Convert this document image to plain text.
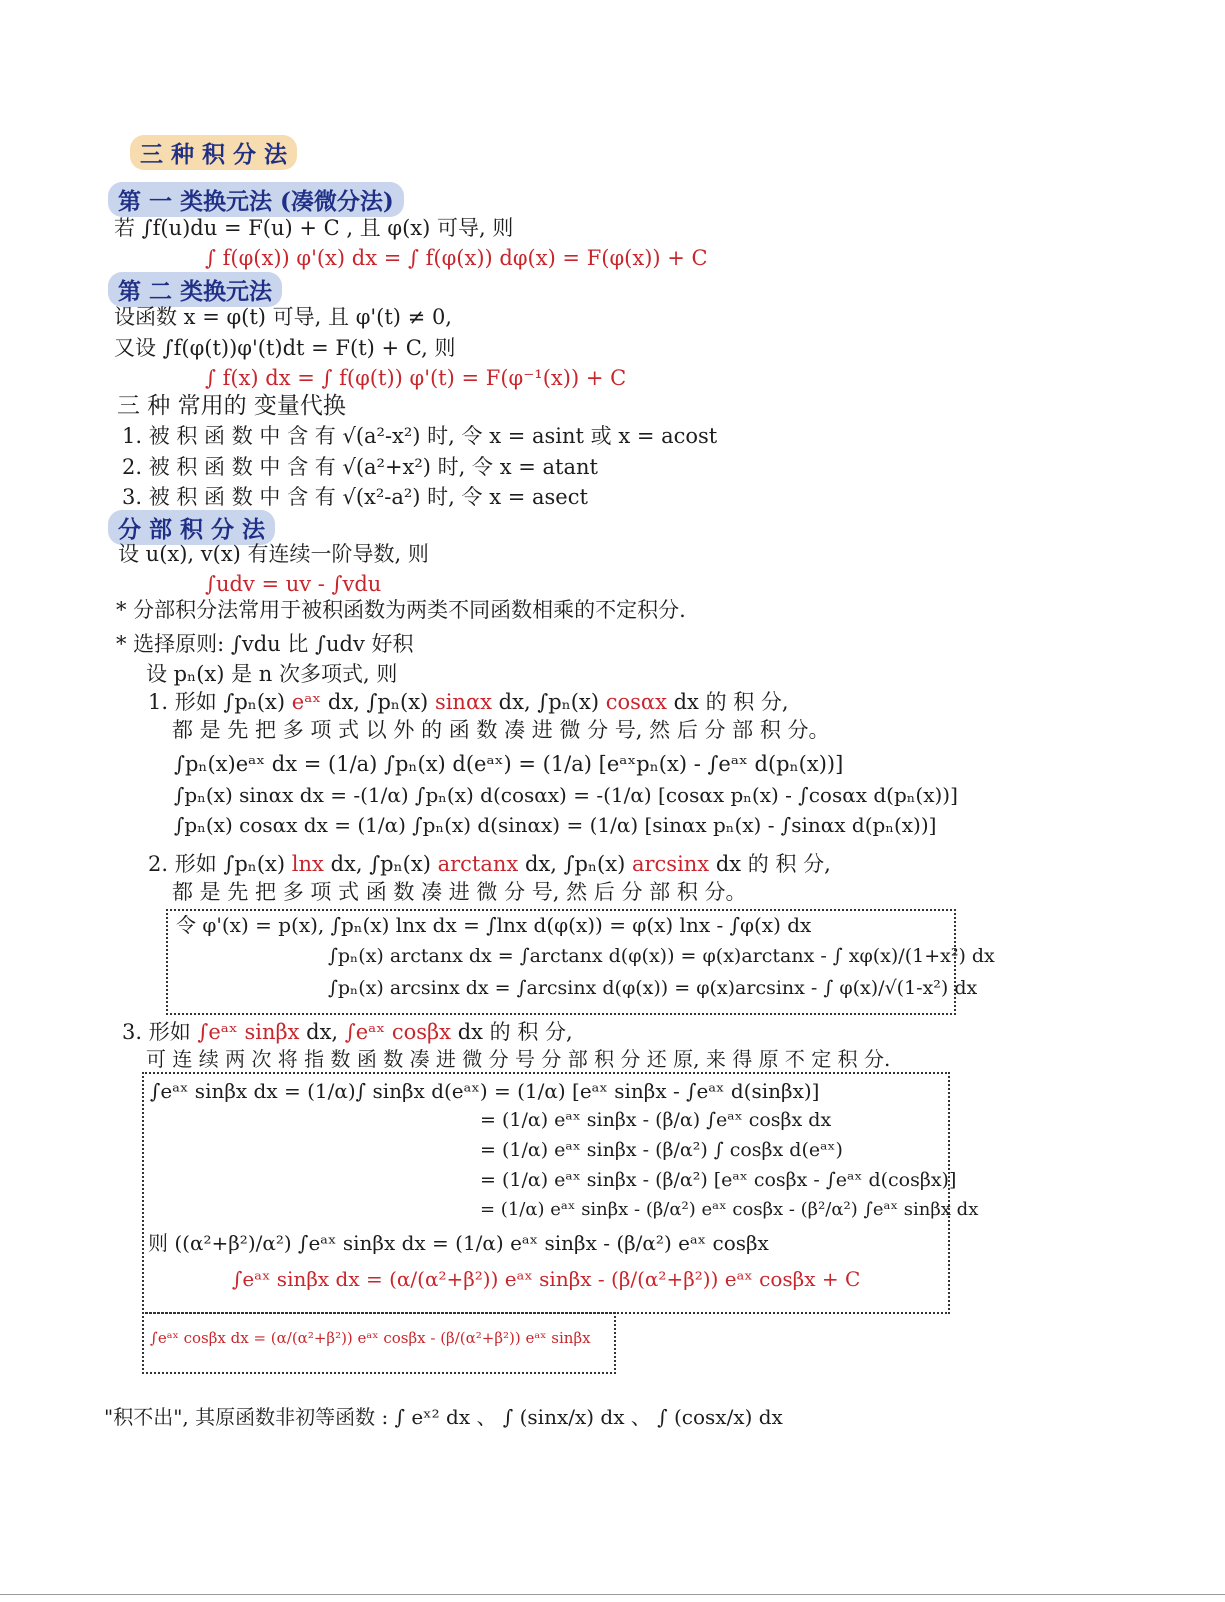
三 种 积 分 法
第 一 类换元法 (凑微分法)
若 ∫f(u)du = F(u) + C , 且 φ(x) 可导, 则
∫ f(φ(x)) φ'(x) dx = ∫ f(φ(x)) dφ(x) = F(φ(x)) + C
第 二 类换元法
设函数 x = φ(t) 可导, 且 φ'(t) ≠ 0,
又设 ∫f(φ(t))φ'(t)dt = F(t) + C, 则
∫ f(x) dx = ∫ f(φ(t)) φ'(t) = F(φ⁻¹(x)) + C
三 种 常用的 变量代换
1. 被 积 函 数 中 含 有 √(a²-x²) 时, 令 x = asint 或 x = acost
2. 被 积 函 数 中 含 有 √(a²+x²) 时, 令 x = atant
3. 被 积 函 数 中 含 有 √(x²-a²) 时, 令 x = asect
分 部 积 分 法
设 u(x), v(x) 有连续一阶导数, 则
∫udv = uv - ∫vdu
* 分部积分法常用于被积函数为两类不同函数相乘的不定积分.
* 选择原则: ∫vdu 比 ∫udv 好积
设 pₙ(x) 是 n 次多项式, 则
1. 形如 ∫pₙ(x) eᵃˣ dx, ∫pₙ(x) sinαx dx, ∫pₙ(x) cosαx dx 的 积 分,
都 是 先 把 多 项 式 以 外 的 函 数 凑 进 微 分 号, 然 后 分 部 积 分。
∫pₙ(x)eᵃˣ dx = (1/a) ∫pₙ(x) d(eᵃˣ) = (1/a) [eᵃˣpₙ(x) - ∫eᵃˣ d(pₙ(x))]
∫pₙ(x) sinαx dx = -(1/α) ∫pₙ(x) d(cosαx) = -(1/α) [cosαx pₙ(x) - ∫cosαx d(pₙ(x))]
∫pₙ(x) cosαx dx = (1/α) ∫pₙ(x) d(sinαx) = (1/α) [sinαx pₙ(x) - ∫sinαx d(pₙ(x))]
2. 形如 ∫pₙ(x) lnx dx, ∫pₙ(x) arctanx dx, ∫pₙ(x) arcsinx dx 的 积 分,
都 是 先 把 多 项 式 函 数 凑 进 微 分 号, 然 后 分 部 积 分。
令 φ'(x) = p(x), ∫pₙ(x) lnx dx = ∫lnx d(φ(x)) = φ(x) lnx - ∫φ(x) dx
∫pₙ(x) arctanx dx = ∫arctanx d(φ(x)) = φ(x)arctanx - ∫ xφ(x)/(1+x²) dx
∫pₙ(x) arcsinx dx = ∫arcsinx d(φ(x)) = φ(x)arcsinx - ∫ φ(x)/√(1-x²) dx
3. 形如 ∫eᵃˣ sinβx dx, ∫eᵃˣ cosβx dx 的 积 分,
可 连 续 两 次 将 指 数 函 数 凑 进 微 分 号 分 部 积 分 还 原, 来 得 原 不 定 积 分.
∫eᵃˣ sinβx dx = (1/α)∫ sinβx d(eᵃˣ) = (1/α) [eᵃˣ sinβx - ∫eᵃˣ d(sinβx)]
= (1/α) eᵃˣ sinβx - (β/α) ∫eᵃˣ cosβx dx
= (1/α) eᵃˣ sinβx - (β/α²) ∫ cosβx d(eᵃˣ)
= (1/α) eᵃˣ sinβx - (β/α²) [eᵃˣ cosβx - ∫eᵃˣ d(cosβx)]
= (1/α) eᵃˣ sinβx - (β/α²) eᵃˣ cosβx - (β²/α²) ∫eᵃˣ sinβx dx
则 ((α²+β²)/α²) ∫eᵃˣ sinβx dx = (1/α) eᵃˣ sinβx - (β/α²) eᵃˣ cosβx
∫eᵃˣ sinβx dx = (α/(α²+β²)) eᵃˣ sinβx - (β/(α²+β²)) eᵃˣ cosβx + C
∫eᵃˣ cosβx dx = (α/(α²+β²)) eᵃˣ cosβx - (β/(α²+β²)) eᵃˣ sinβx
"积不出", 其原函数非初等函数 : ∫ eˣ² dx 、 ∫ (sinx/x) dx 、 ∫ (cosx/x) dx
